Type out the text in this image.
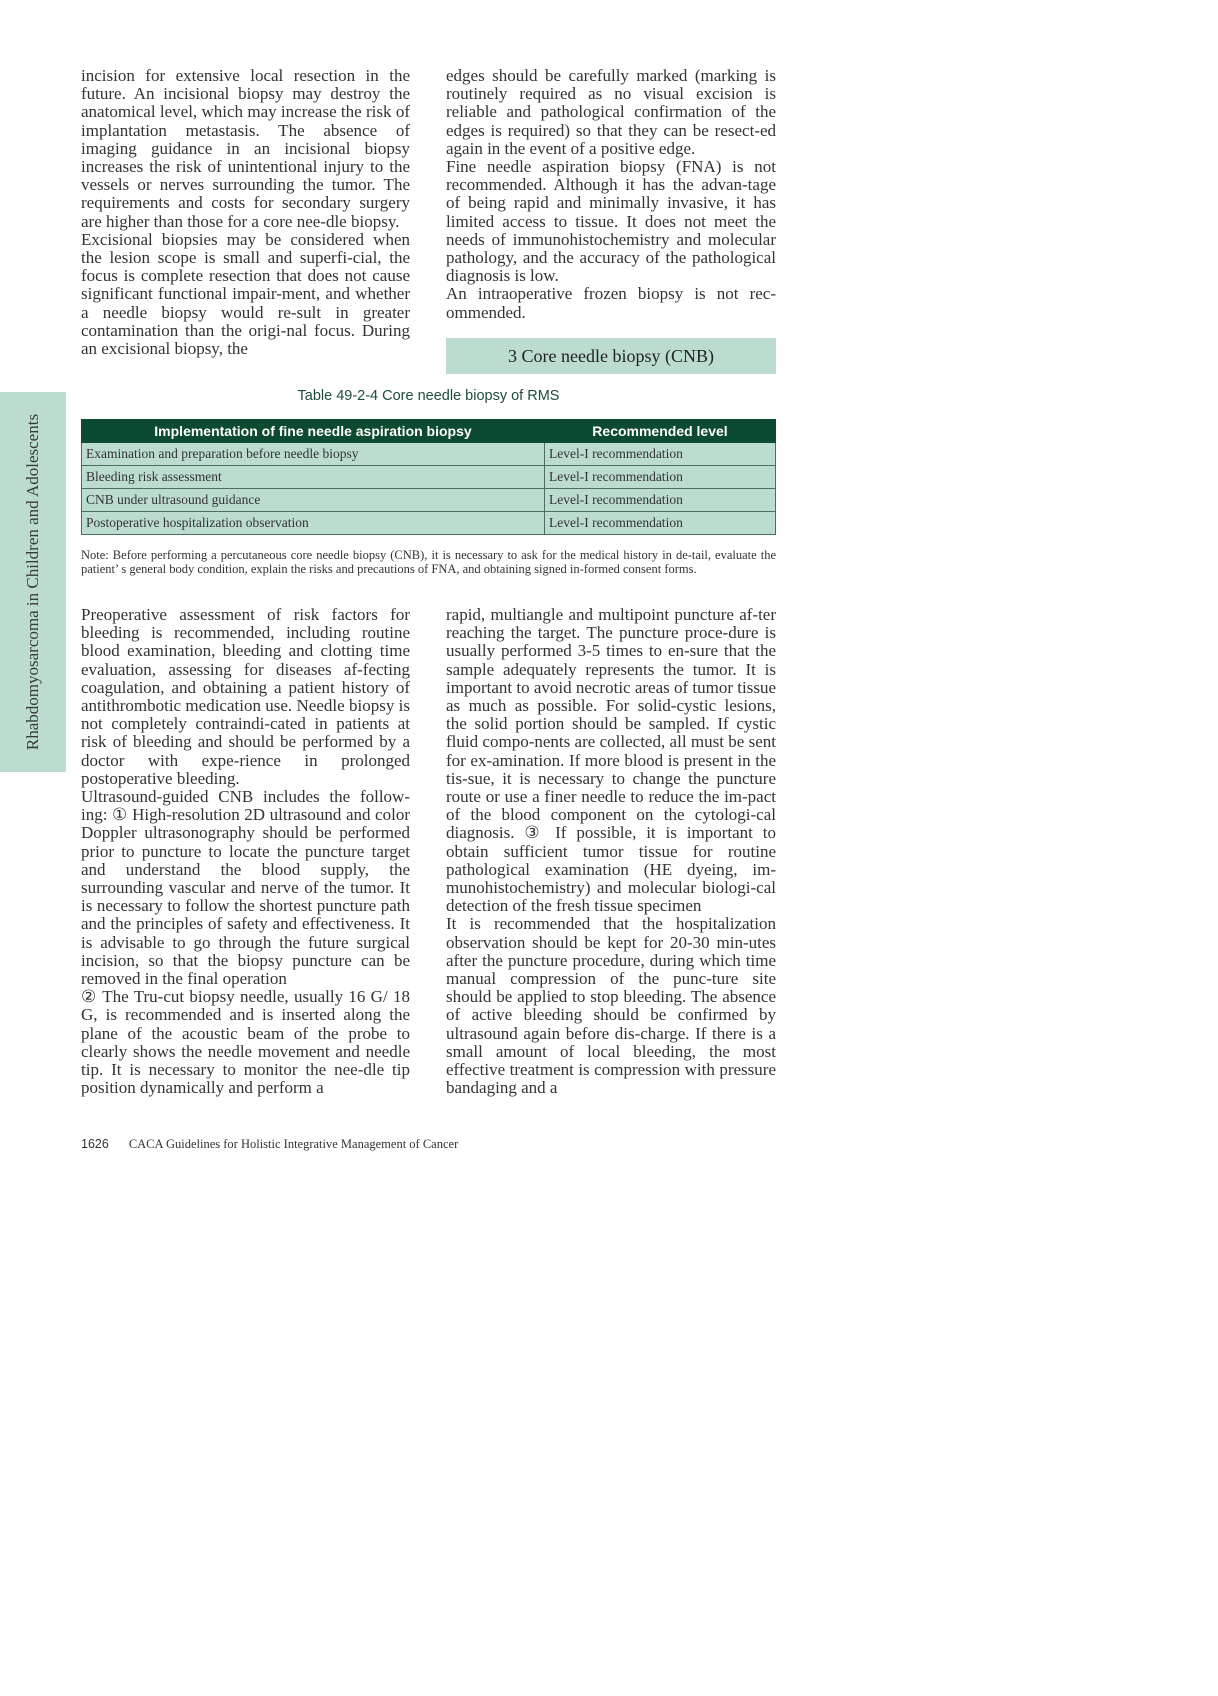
Rhabdomyosarcoma in Children and Adolescents

incision for extensive local resection in the future. An incisional biopsy may destroy the anatomical level, which may increase the risk of implantation metastasis. The absence of imaging guidance in an incisional biopsy increases the risk of unintentional injury to the vessels or nerves surrounding the tumor. The requirements and costs for secondary surgery are higher than those for a core nee-dle biopsy.

Excisional biopsies may be considered when the lesion scope is small and superfi-cial, the focus is complete resection that does not cause significant functional impair-ment, and whether a needle biopsy would re-sult in greater contamination than the origi-nal focus. During an excisional biopsy, the

edges should be carefully marked (marking is routinely required as no visual excision is reliable and pathological confirmation of the edges is required) so that they can be resect-ed again in the event of a positive edge.

Fine needle aspiration biopsy (FNA) is not recommended. Although it has the advan-tage of being rapid and minimally invasive, it has limited access to tissue. It does not meet the needs of immunohistochemistry and molecular pathology, and the accuracy of the pathological diagnosis is low.

An intraoperative frozen biopsy is not rec-ommended.

3 Core needle biopsy (CNB)
Table 49-2-4 Core needle biopsy of RMS
Implementation of fine needle aspiration biopsy	Recommended level
Examination and preparation before needle biopsy	Level-I recommendation
Bleeding risk assessment	Level-I recommendation
CNB under ultrasound guidance	Level-I recommendation
Postoperative hospitalization observation	Level-I recommendation
Note: Before performing a percutaneous core needle biopsy (CNB), it is necessary to ask for the medical history in de-tail, evaluate the patient’ s general body condition, explain the risks and precautions of FNA, and obtaining signed in-formed consent forms.

Preoperative assessment of risk factors for bleeding is recommended, including routine blood examination, bleeding and clotting time evaluation, assessing for diseases af-fecting coagulation, and obtaining a patient history of antithrombotic medication use. Needle biopsy is not completely contraindi-cated in patients at risk of bleeding and should be performed by a doctor with expe-rience in prolonged postoperative bleeding.

Ultrasound-guided CNB includes the follow-ing: ① High-resolution 2D ultrasound and color Doppler ultrasonography should be performed prior to puncture to locate the puncture target and understand the blood supply, the surrounding vascular and nerve of the tumor. It is necessary to follow the shortest puncture path and the principles of safety and effectiveness. It is advisable to go through the future surgical incision, so that the biopsy puncture can be removed in the final operation

② The Tru-cut biopsy needle, usually 16 G/ 18 G, is recommended and is inserted along the plane of the acoustic beam of the probe to clearly shows the needle movement and needle tip. It is necessary to monitor the nee-dle tip position dynamically and perform a

rapid, multiangle and multipoint puncture af-ter reaching the target. The puncture proce-dure is usually performed 3-5 times to en-sure that the sample adequately represents the tumor. It is important to avoid necrotic areas of tumor tissue as much as possible. For solid-cystic lesions, the solid portion should be sampled. If cystic fluid compo-nents are collected, all must be sent for ex-amination. If more blood is present in the tis-sue, it is necessary to change the puncture route or use a finer needle to reduce the im-pact of the blood component on the cytologi-cal diagnosis. ③ If possible, it is important to obtain sufficient tumor tissue for routine pathological examination (HE dyeing, im-munohistochemistry) and molecular biologi-cal detection of the fresh tissue specimen

It is recommended that the hospitalization observation should be kept for 20-30 min-utes after the puncture procedure, during which time manual compression of the punc-ture site should be applied to stop bleeding. The absence of active bleeding should be confirmed by ultrasound again before dis-charge. If there is a small amount of local bleeding, the most effective treatment is compression with pressure bandaging and a

1626 CACA Guidelines for Holistic Integrative Management of Cancer
